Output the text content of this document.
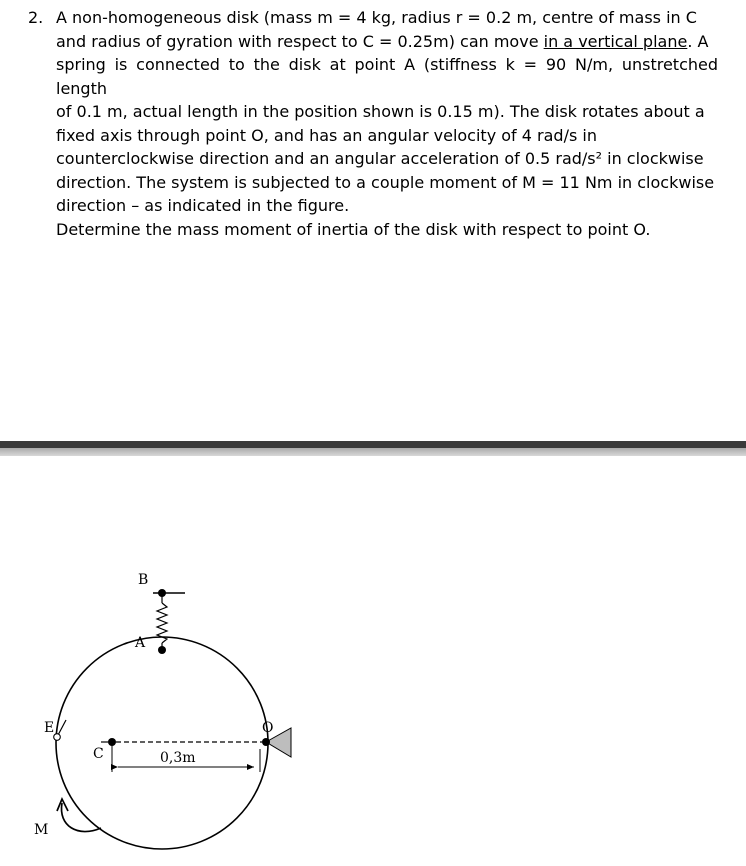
2. A non-homogeneous disk (mass m = 4 kg, radius r = 0.2 m, centre of mass in C
and radius of gyration with respect to C = 0.25m) can move in a vertical plane. A
spring is connected to the disk at point A (stiffness k = 90 N/m, unstretched length
of 0.1 m, actual length in the position shown is 0.15 m). The disk rotates about a
fixed axis through point O, and has an angular velocity of 4 rad/s in
counterclockwise direction and an angular acceleration of 0.5 rad/s² in clockwise
direction. The system is subjected to a couple moment of M = 11 Nm in clockwise
direction – as indicated in the figure.
Determine the mass moment of inertia of the disk with respect to point O.
B
A
E	O
C
M
0,3m
